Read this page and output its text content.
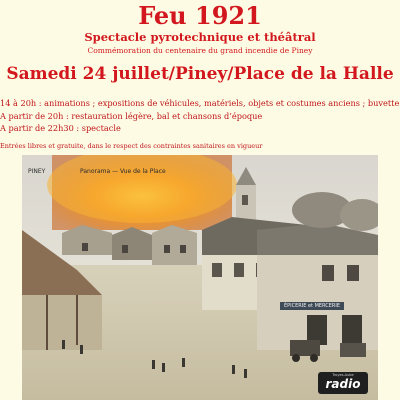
Feu 1921
Spectacle pyrotechnique et théâtral
Commémoration du centenaire du grand incendie de Piney
Samedi 24 juillet/Piney/Place de la Halle
14 à 20h : animations ; expositions de véhicules, matériels, objets et costumes anciens ; buvette
A partir de 20h : restauration légère, bal et chansons d’époque
A partir de 22h30 : spectacle
Entrées libres et gratuite, dans le respect des contraintes sanitaires en vigueur
PINEY	Panorama — Vue de la Place
ÉPICERIE et MERCERIE
Troyes-Aube
radio
